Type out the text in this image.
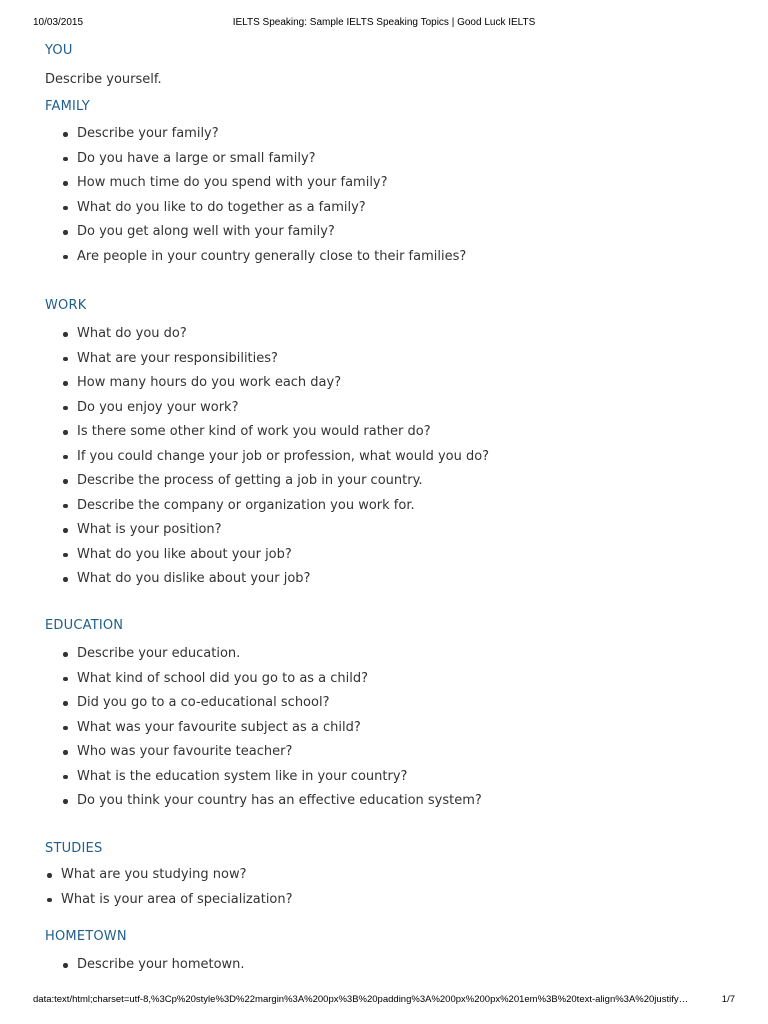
10/03/2015	IELTS Speaking: Sample IELTS Speaking Topics | Good Luck IELTS
YOU

Describe yourself.

FAMILY
Describe your family?
Do you have a large or small family?
How much time do you spend with your family?
What do you like to do together as a family?
Do you get along well with your family?
Are people in your country generally close to their families?
WORK
What do you do?
What are your responsibilities?
How many hours do you work each day?
Do you enjoy your work?
Is there some other kind of work you would rather do?
If you could change your job or profession, what would you do?
Describe the process of getting a job in your country.
Describe the company or organization you work for.
What is your position?
What do you like about your job?
What do you dislike about your job?
EDUCATION
Describe your education.
What kind of school did you go to as a child?
Did you go to a co-educational school?
What was your favourite subject as a child?
Who was your favourite teacher?
What is the education system like in your country?
Do you think your country has an effective education system?
STUDIES
What are you studying now?
What is your area of specialization?
HOMETOWN
Describe your hometown.
data:text/html;charset=utf-8,%3Cp%20style%3D%22margin%3A%200px%3B%20padding%3A%200px%200px%201em%3B%20text-align%3A%20justify…	1/7
